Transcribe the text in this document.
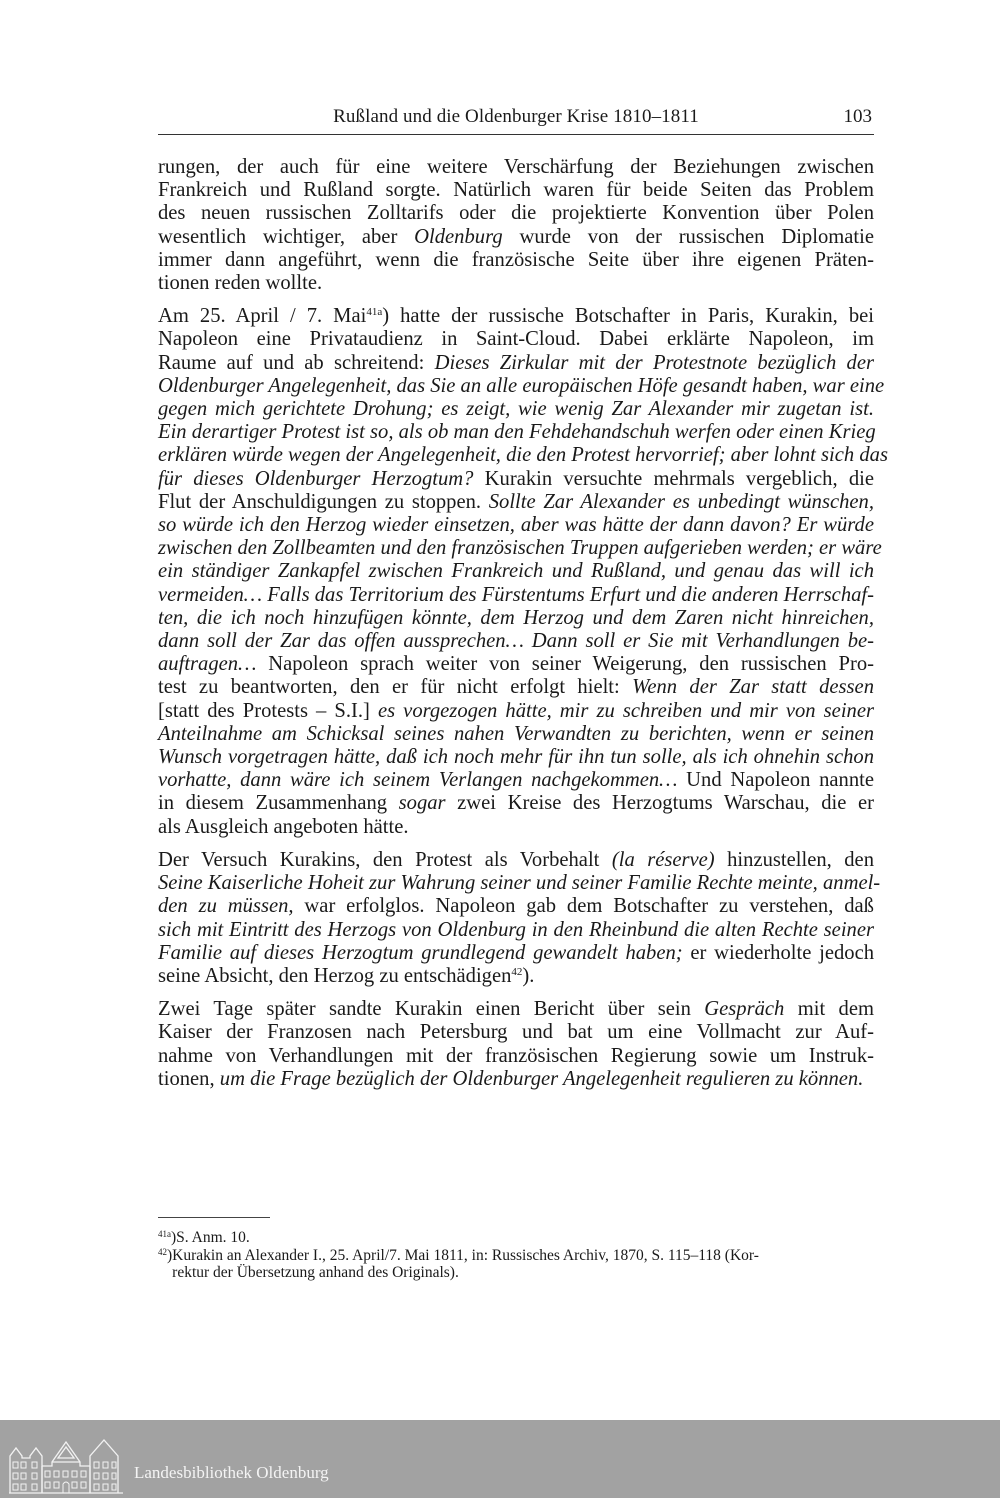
Rußland und die Oldenburger Krise 1810–1811	103
rungen, der auch für eine weitere Verschärfung der Beziehungen zwischen
Frankreich und Rußland sorgte. Natürlich waren für beide Seiten das Problem
des neuen russischen Zolltarifs oder die projektierte Konvention über Polen
wesentlich wichtiger, aber Oldenburg wurde von der russischen Diplomatie
immer dann angeführt, wenn die französische Seite über ihre eigenen Präten-
tionen reden wollte.
Am 25. April / 7. Mai$^{41a}$) hatte der russische Botschafter in Paris, Kurakin, bei
Napoleon eine Privataudienz in Saint-Cloud. Dabei erklärte Napoleon, im
Raume auf und ab schreitend: Dieses Zirkular mit der Protestnote bezüglich der
Oldenburger Angelegenheit, das Sie an alle europäischen Höfe gesandt haben, war eine
gegen mich gerichtete Drohung; es zeigt, wie wenig Zar Alexander mir zugetan ist.
Ein derartiger Protest ist so, als ob man den Fehdehandschuh werfen oder einen Krieg
erklären würde wegen der Angelegenheit, die den Protest hervorrief; aber lohnt sich das
für dieses Oldenburger Herzogtum? Kurakin versuchte mehrmals vergeblich, die
Flut der Anschuldigungen zu stoppen. Sollte Zar Alexander es unbedingt wünschen,
so würde ich den Herzog wieder einsetzen, aber was hätte der dann davon? Er würde
zwischen den Zollbeamten und den französischen Truppen aufgerieben werden; er wäre
ein ständiger Zankapfel zwischen Frankreich und Rußland, und genau das will ich
vermeiden… Falls das Territorium des Fürstentums Erfurt und die anderen Herrschaf-
ten, die ich noch hinzufügen könnte, dem Herzog und dem Zaren nicht hinreichen,
dann soll der Zar das offen aussprechen… Dann soll er Sie mit Verhandlungen be-
auftragen… Napoleon sprach weiter von seiner Weigerung, den russischen Pro-
test zu beantworten, den er für nicht erfolgt hielt: Wenn der Zar statt dessen
[statt des Protests – S.I.] es vorgezogen hätte, mir zu schreiben und mir von seiner
Anteilnahme am Schicksal seines nahen Verwandten zu berichten, wenn er seinen
Wunsch vorgetragen hätte, daß ich noch mehr für ihn tun solle, als ich ohnehin schon
vorhatte, dann wäre ich seinem Verlangen nachgekommen… Und Napoleon nannte
in diesem Zusammenhang sogar zwei Kreise des Herzogtums Warschau, die er
als Ausgleich angeboten hätte.
Der Versuch Kurakins, den Protest als Vorbehalt (la réserve) hinzustellen, den
Seine Kaiserliche Hoheit zur Wahrung seiner und seiner Familie Rechte meinte, anmel-
den zu müssen, war erfolglos. Napoleon gab dem Botschafter zu verstehen, daß
sich mit Eintritt des Herzogs von Oldenburg in den Rheinbund die alten Rechte seiner
Familie auf dieses Herzogtum grundlegend gewandelt haben; er wiederholte jedoch
seine Absicht, den Herzog zu entschädigen$^{42}$).
Zwei Tage später sandte Kurakin einen Bericht über sein Gespräch mit dem
Kaiser der Franzosen nach Petersburg und bat um eine Vollmacht zur Auf-
nahme von Verhandlungen mit der französischen Regierung sowie um Instruk-
tionen, um die Frage bezüglich der Oldenburger Angelegenheit regulieren zu können.
$^{41a}$) S. Anm. 10.
$^{42}$) Kurakin an Alexander I., 25. April/7. Mai 1811, in: Russisches Archiv, 1870, S. 115–118 (Kor-
rektur der Übersetzung anhand des Originals).
Landesbibliothek Oldenburg
